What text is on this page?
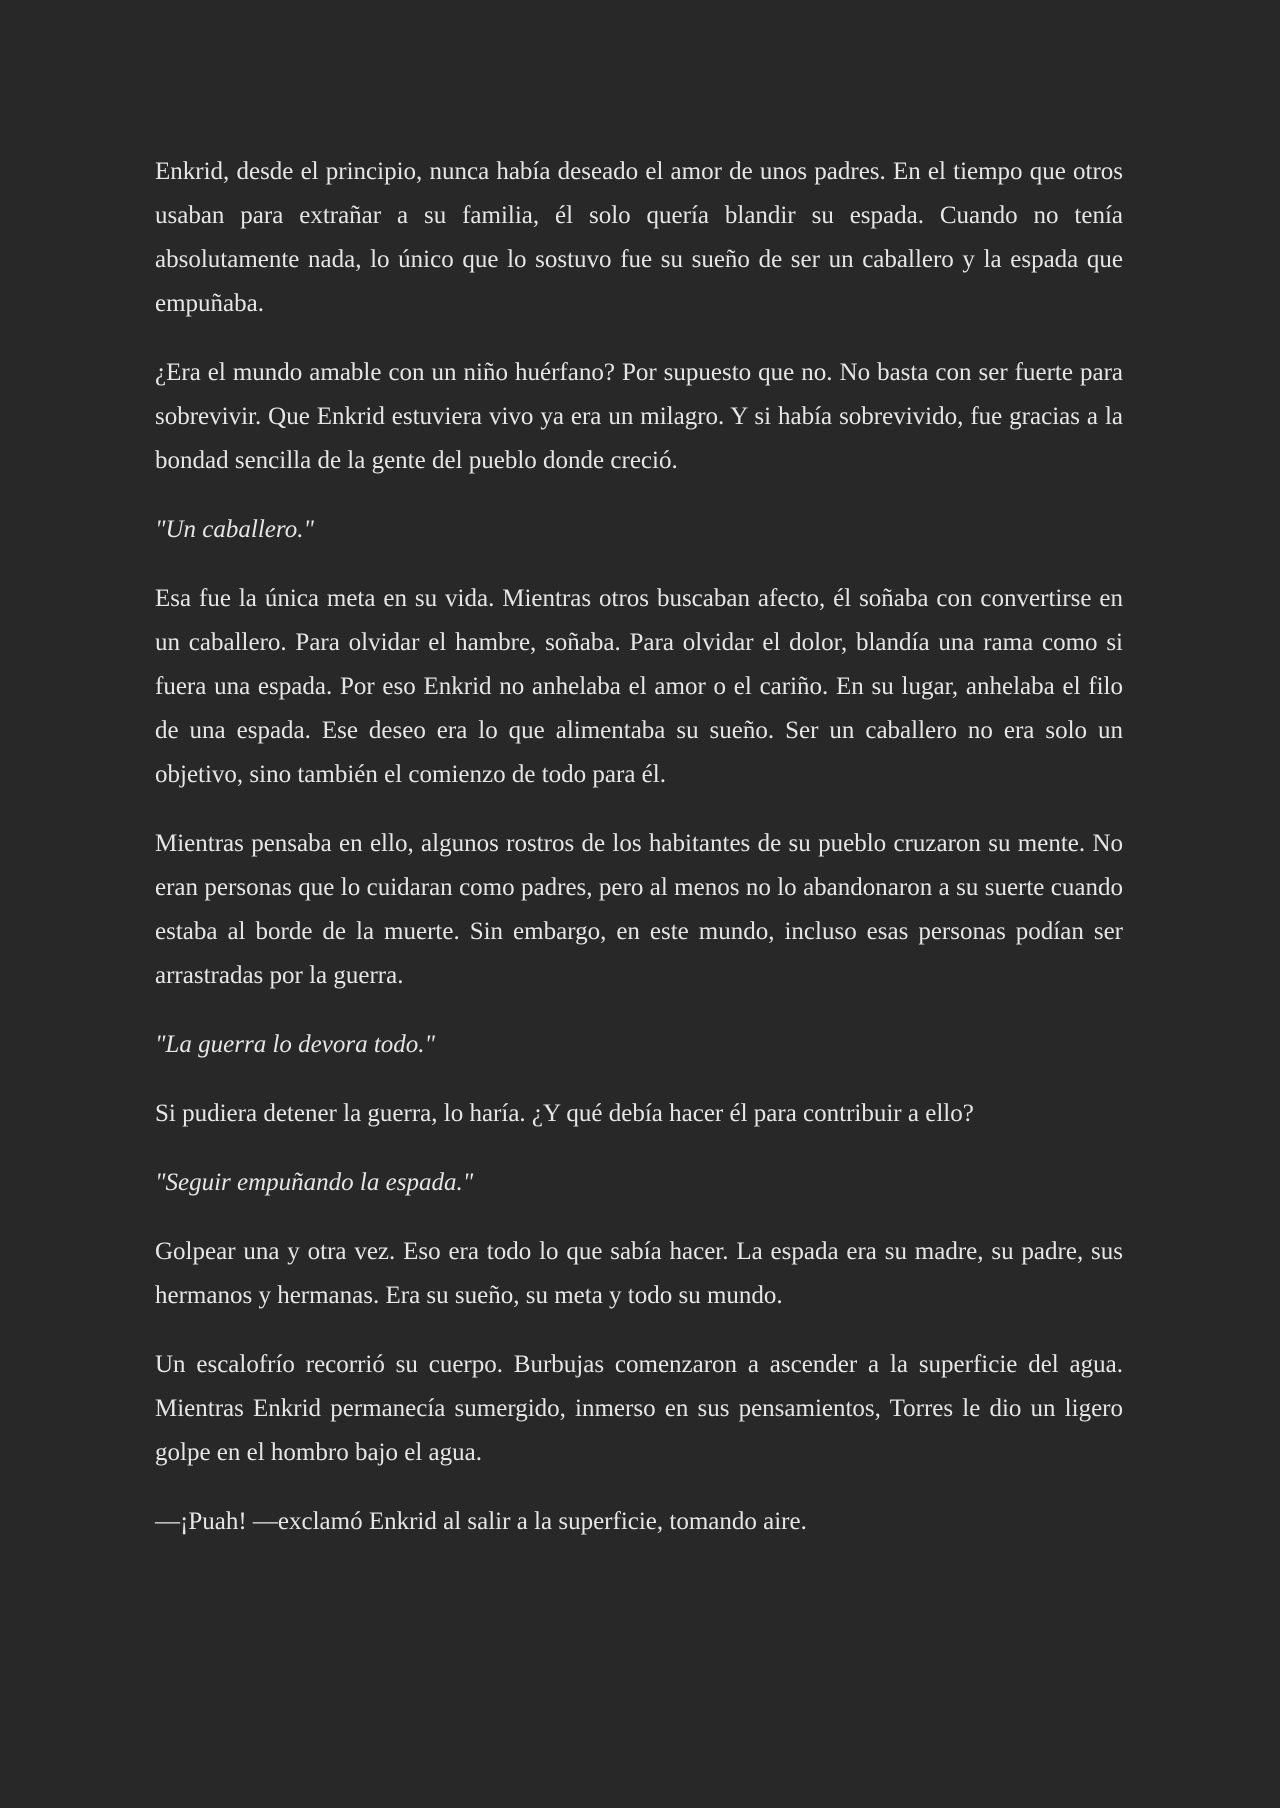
Enkrid, desde el principio, nunca había deseado el amor de unos padres. En el tiempo que otros usaban para extrañar a su familia, él solo quería blandir su espada. Cuando no tenía absolutamente nada, lo único que lo sostuvo fue su sueño de ser un caballero y la espada que empuñaba.

¿Era el mundo amable con un niño huérfano? Por supuesto que no. No basta con ser fuerte para sobrevivir. Que Enkrid estuviera vivo ya era un milagro. Y si había sobrevivido, fue gracias a la bondad sencilla de la gente del pueblo donde creció.

"Un caballero."

Esa fue la única meta en su vida. Mientras otros buscaban afecto, él soñaba con convertirse en un caballero. Para olvidar el hambre, soñaba. Para olvidar el dolor, blandía una rama como si fuera una espada. Por eso Enkrid no anhelaba el amor o el cariño. En su lugar, anhelaba el filo de una espada. Ese deseo era lo que alimentaba su sueño. Ser un caballero no era solo un objetivo, sino también el comienzo de todo para él.

Mientras pensaba en ello, algunos rostros de los habitantes de su pueblo cruzaron su mente. No eran personas que lo cuidaran como padres, pero al menos no lo abandonaron a su suerte cuando estaba al borde de la muerte. Sin embargo, en este mundo, incluso esas personas podían ser arrastradas por la guerra.

"La guerra lo devora todo."

Si pudiera detener la guerra, lo haría. ¿Y qué debía hacer él para contribuir a ello?

"Seguir empuñando la espada."

Golpear una y otra vez. Eso era todo lo que sabía hacer. La espada era su madre, su padre, sus hermanos y hermanas. Era su sueño, su meta y todo su mundo.

Un escalofrío recorrió su cuerpo. Burbujas comenzaron a ascender a la superficie del agua. Mientras Enkrid permanecía sumergido, inmerso en sus pensamientos, Torres le dio un ligero golpe en el hombro bajo el agua.

—¡Puah! —exclamó Enkrid al salir a la superficie, tomando aire.
